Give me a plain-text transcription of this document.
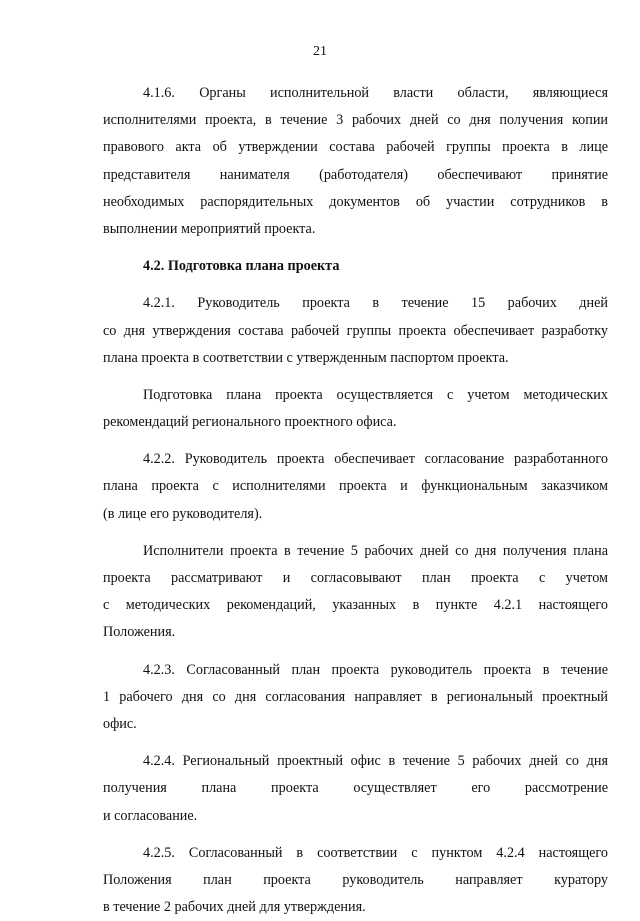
21
4.1.6. Органы исполнительной власти области, являющиеся
исполнителями проекта, в течение 3 рабочих дней со дня получения копии
правового акта об утверждении состава рабочей группы проекта в лице
представителя нанимателя (работодателя) обеспечивают принятие
необходимых распорядительных документов об участии сотрудников в
выполнении мероприятий проекта.
4.2. Подготовка плана проекта
4.2.1. Руководитель проекта в течение 15 рабочих дней
со дня утверждения состава рабочей группы проекта обеспечивает разработку
плана проекта в соответствии с утвержденным паспортом проекта.
Подготовка плана проекта осуществляется с учетом методических
рекомендаций регионального проектного офиса.
4.2.2. Руководитель проекта обеспечивает согласование разработанного
плана проекта с исполнителями проекта и функциональным заказчиком
(в лице его руководителя).
Исполнители проекта в течение 5 рабочих дней со дня получения плана
проекта рассматривают и согласовывают план проекта с учетом
с методических рекомендаций, указанных в пункте 4.2.1 настоящего
Положения.
4.2.3. Согласованный план проекта руководитель проекта в течение
1 рабочего дня со дня согласования направляет в региональный проектный
офис.
4.2.4. Региональный проектный офис в течение 5 рабочих дней со дня
получения плана проекта осуществляет его рассмотрение
и согласование.
4.2.5. Согласованный в соответствии с пунктом 4.2.4 настоящего
Положения план проекта руководитель направляет куратору
в течение 2 рабочих дней для утверждения.
